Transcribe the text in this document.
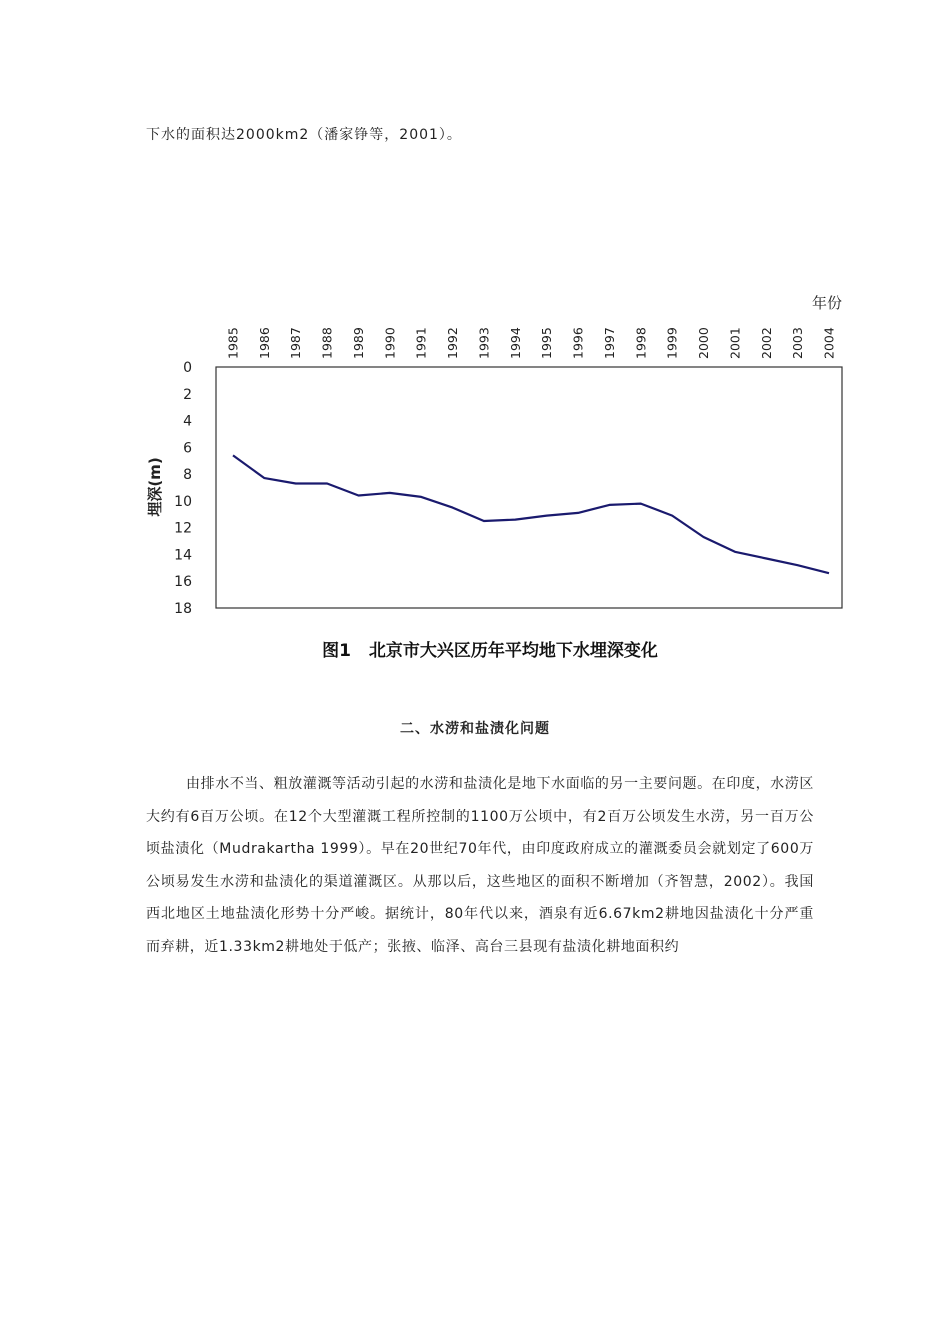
下水的面积达2000km2（潘家铮等，2001）。
0
2
4
6
8
10
12
14
16
18
1985 1986 1987 1988 1989 1990 1991 1992 1993 1994 1995 1996 1997 1998 1999 2000 2001 2002 2003 2004
年份
埋深(m)
图1 北京市大兴区历年平均地下水埋深变化
二、水涝和盐渍化问题
由排水不当、粗放灌溉等活动引起的水涝和盐渍化是地下水面临的另一主要问题。在印度，水涝区大约有6百万公顷。在12个大型灌溉工程所控制的1100万公顷中，有2百万公顷发生水涝，另一百万公顷盐渍化（Mudrakartha 1999）。早在20世纪70年代，由印度政府成立的灌溉委员会就划定了600万公顷易发生水涝和盐渍化的渠道灌溉区。从那以后，这些地区的面积不断增加（齐智慧，2002）。我国西北地区土地盐渍化形势十分严峻。据统计，80年代以来，酒泉有近6.67km2耕地因盐渍化十分严重而弃耕，近1.33km2耕地处于低产；张掖、临泽、高台三县现有盐渍化耕地面积约
